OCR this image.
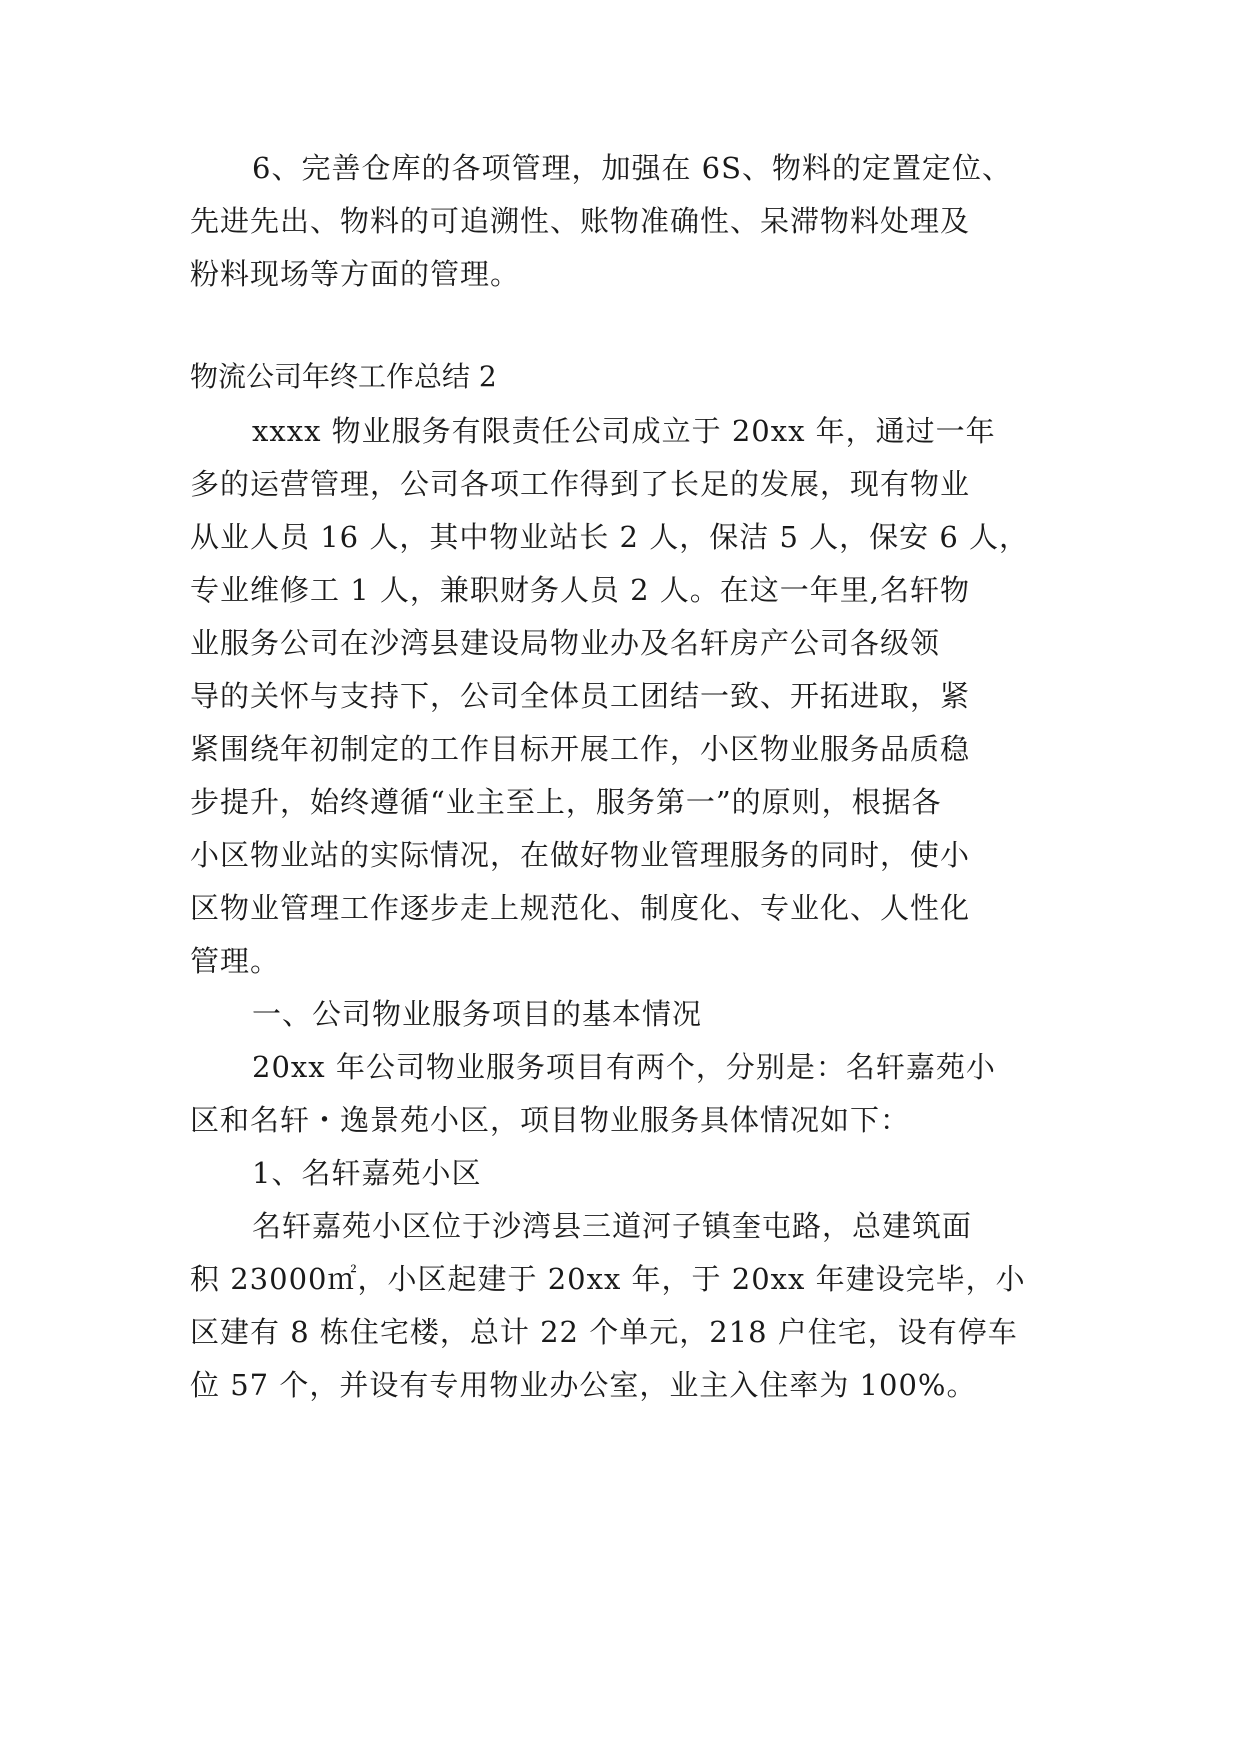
6、完善仓库的各项管理，加强在 6S、物料的定置定位、
先进先出、物料的可追溯性、账物准确性、呆滞物料处理及
粉料现场等方面的管理。
物流公司年终工作总结 2
xxxx 物业服务有限责任公司成立于 20xx 年，通过一年
多的运营管理，公司各项工作得到了长足的发展，现有物业
从业人员 16 人，其中物业站长 2 人，保洁 5 人，保安 6 人，
专业维修工 1 人，兼职财务人员 2 人。在这一年里,名轩物
业服务公司在沙湾县建设局物业办及名轩房产公司各级领
导的关怀与支持下，公司全体员工团结一致、开拓进取，紧
紧围绕年初制定的工作目标开展工作，小区物业服务品质稳
步提升，始终遵循“业主至上，服务第一”的原则，根据各
小区物业站的实际情况，在做好物业管理服务的同时，使小
区物业管理工作逐步走上规范化、制度化、专业化、人性化
管理。
一、公司物业服务项目的基本情况
20xx 年公司物业服务项目有两个，分别是：名轩嘉苑小
区和名轩・逸景苑小区，项目物业服务具体情况如下：
1、名轩嘉苑小区
名轩嘉苑小区位于沙湾县三道河子镇奎屯路，总建筑面
积 23000㎡，小区起建于 20xx 年，于 20xx 年建设完毕，小
区建有 8 栋住宅楼，总计 22 个单元，218 户住宅，设有停车
位 57 个，并设有专用物业办公室，业主入住率为 100%。
